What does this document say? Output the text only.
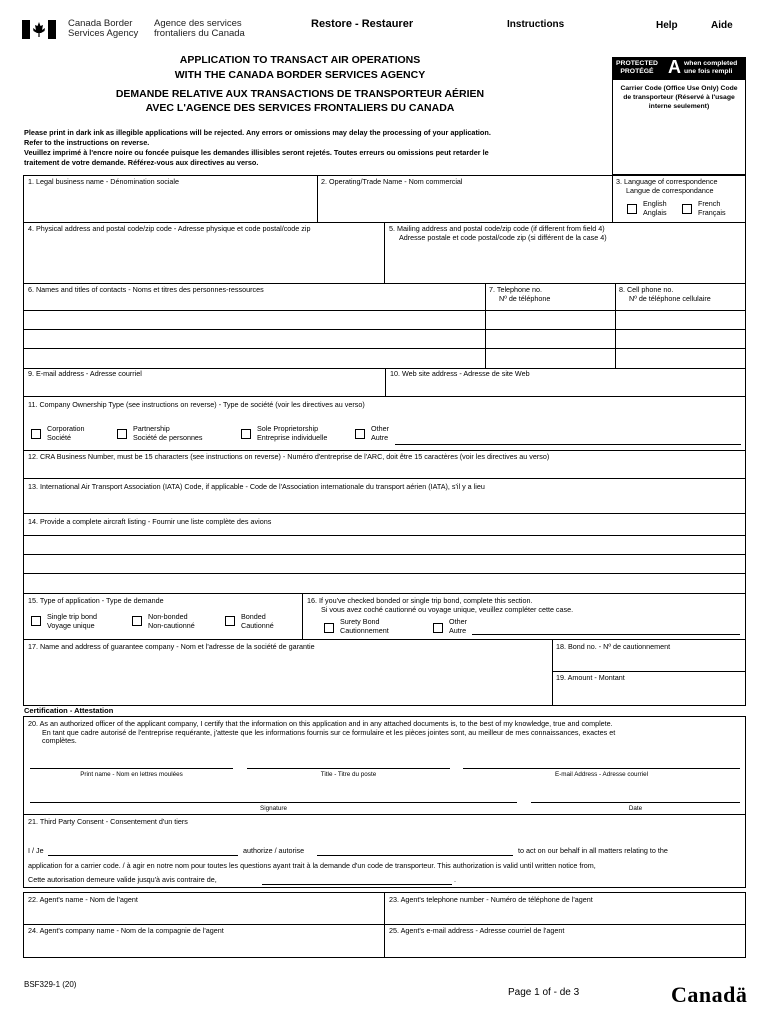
Canada Border
Services Agency
Agence des services
frontaliers du Canada
Restore - Restaurer	Instructions	Help	Aide
APPLICATION TO TRANSACT AIR OPERATIONS
WITH THE CANADA BORDER SERVICES AGENCY
DEMANDE RELATIVE AUX TRANSACTIONS DE TRANSPORTEUR AÉRIEN
AVEC L'AGENCE DES SERVICES FRONTALIERS DU CANADA
PROTECTED
PROTÉGÉ A when completed
une fois rempli
Carrier Code (Office Use Only) Code de transporteur (Réservé à l'usage interne seulement)
Please print in dark ink as illegible applications will be rejected. Any errors or omissions may delay the processing of your application.
Refer to the instructions on reverse.
Veuillez imprimé à l'encre noire ou foncée puisque les demandes illisibles seront rejetés. Toutes erreurs ou omissions peut retarder le
traitement de votre demande. Référez-vous aux directives au verso.
1. Legal business name - Dénomination sociale	2. Operating/Trade Name - Nom commercial	3. Language of correspondence
Langue de correspondance
English
Anglais
French
Français
4. Physical address and postal code/zip code - Adresse physique et code postal/code zip	5. Mailing address and postal code/zip code (if different from field 4)
Adresse postale et code postal/code zip (si différent de la case 4)
6. Names and titles of contacts - Noms et titres des personnes-ressources	7. Telephone no.
Nº de téléphone
8. Cell phone no.
Nº de téléphone cellulaire
9. E-mail address - Adresse courriel	10. Web site address - Adresse de site Web
11. Company Ownership Type (see instructions on reverse) - Type de société (voir les directives au verso)
Corporation
Société
Partnership
Société de personnes
Sole Proprietorship
Entreprise individuelle
Other
Autre
12. CRA Business Number, must be 15 characters (see instructions on reverse) - Numéro d'entreprise de l'ARC, doit être 15 caractères (voir les directives au verso)
13. International Air Transport Association (IATA) Code, if applicable - Code de l'Association internationale du transport aérien (IATA), s'il y a lieu
14. Provide a complete aircraft listing - Fournir une liste complète des avions
15. Type of application - Type de demande
Single trip bond
Voyage unique
Non-bonded
Non-cautionné
Bonded
Cautionné
16. If you've checked bonded or single trip bond, complete this section.
Si vous avez coché cautionné ou voyage unique, veuillez compléter cette case.
Surety Bond
Cautionnement
Other
Autre
17. Name and address of guarantee company - Nom et l'adresse de la société de garantie	18. Bond no. - Nº de cautionnement
19. Amount - Montant
Certification - Attestation
20. As an authorized officer of the applicant company, I certify that the information on this application and in any attached documents is, to the best of my knowledge, true and complete.
En tant que cadre autorisé de l'entreprise requérante, j'atteste que les informations fournis sur ce formulaire et les pièces jointes sont, au meilleur de mes connaissances, exactes et
complètes.
Print name - Nom en lettres moulées	Title - Titre du poste	E-mail Address - Adresse courriel
Signature	Date
21. Third Party Consent - Consentement d'un tiers
I / Je	authorize / autorise	to act on our behalf in all matters relating to the
application for a carrier code. / à agir en notre nom pour toutes les questions ayant trait à la demande d'un code de transporteur. This authorization is valid until written notice from,
Cette autorisation demeure valide jusqu'à avis contraire de,	.
22. Agent's name - Nom de l'agent	23. Agent's telephone number - Numéro de téléphone de l'agent
24. Agent's company name - Nom de la compagnie de l'agent	25. Agent's e-mail address - Adresse courriel de l'agent
BSF329-1 (20)
Page 1 of - de 3	Canadä
